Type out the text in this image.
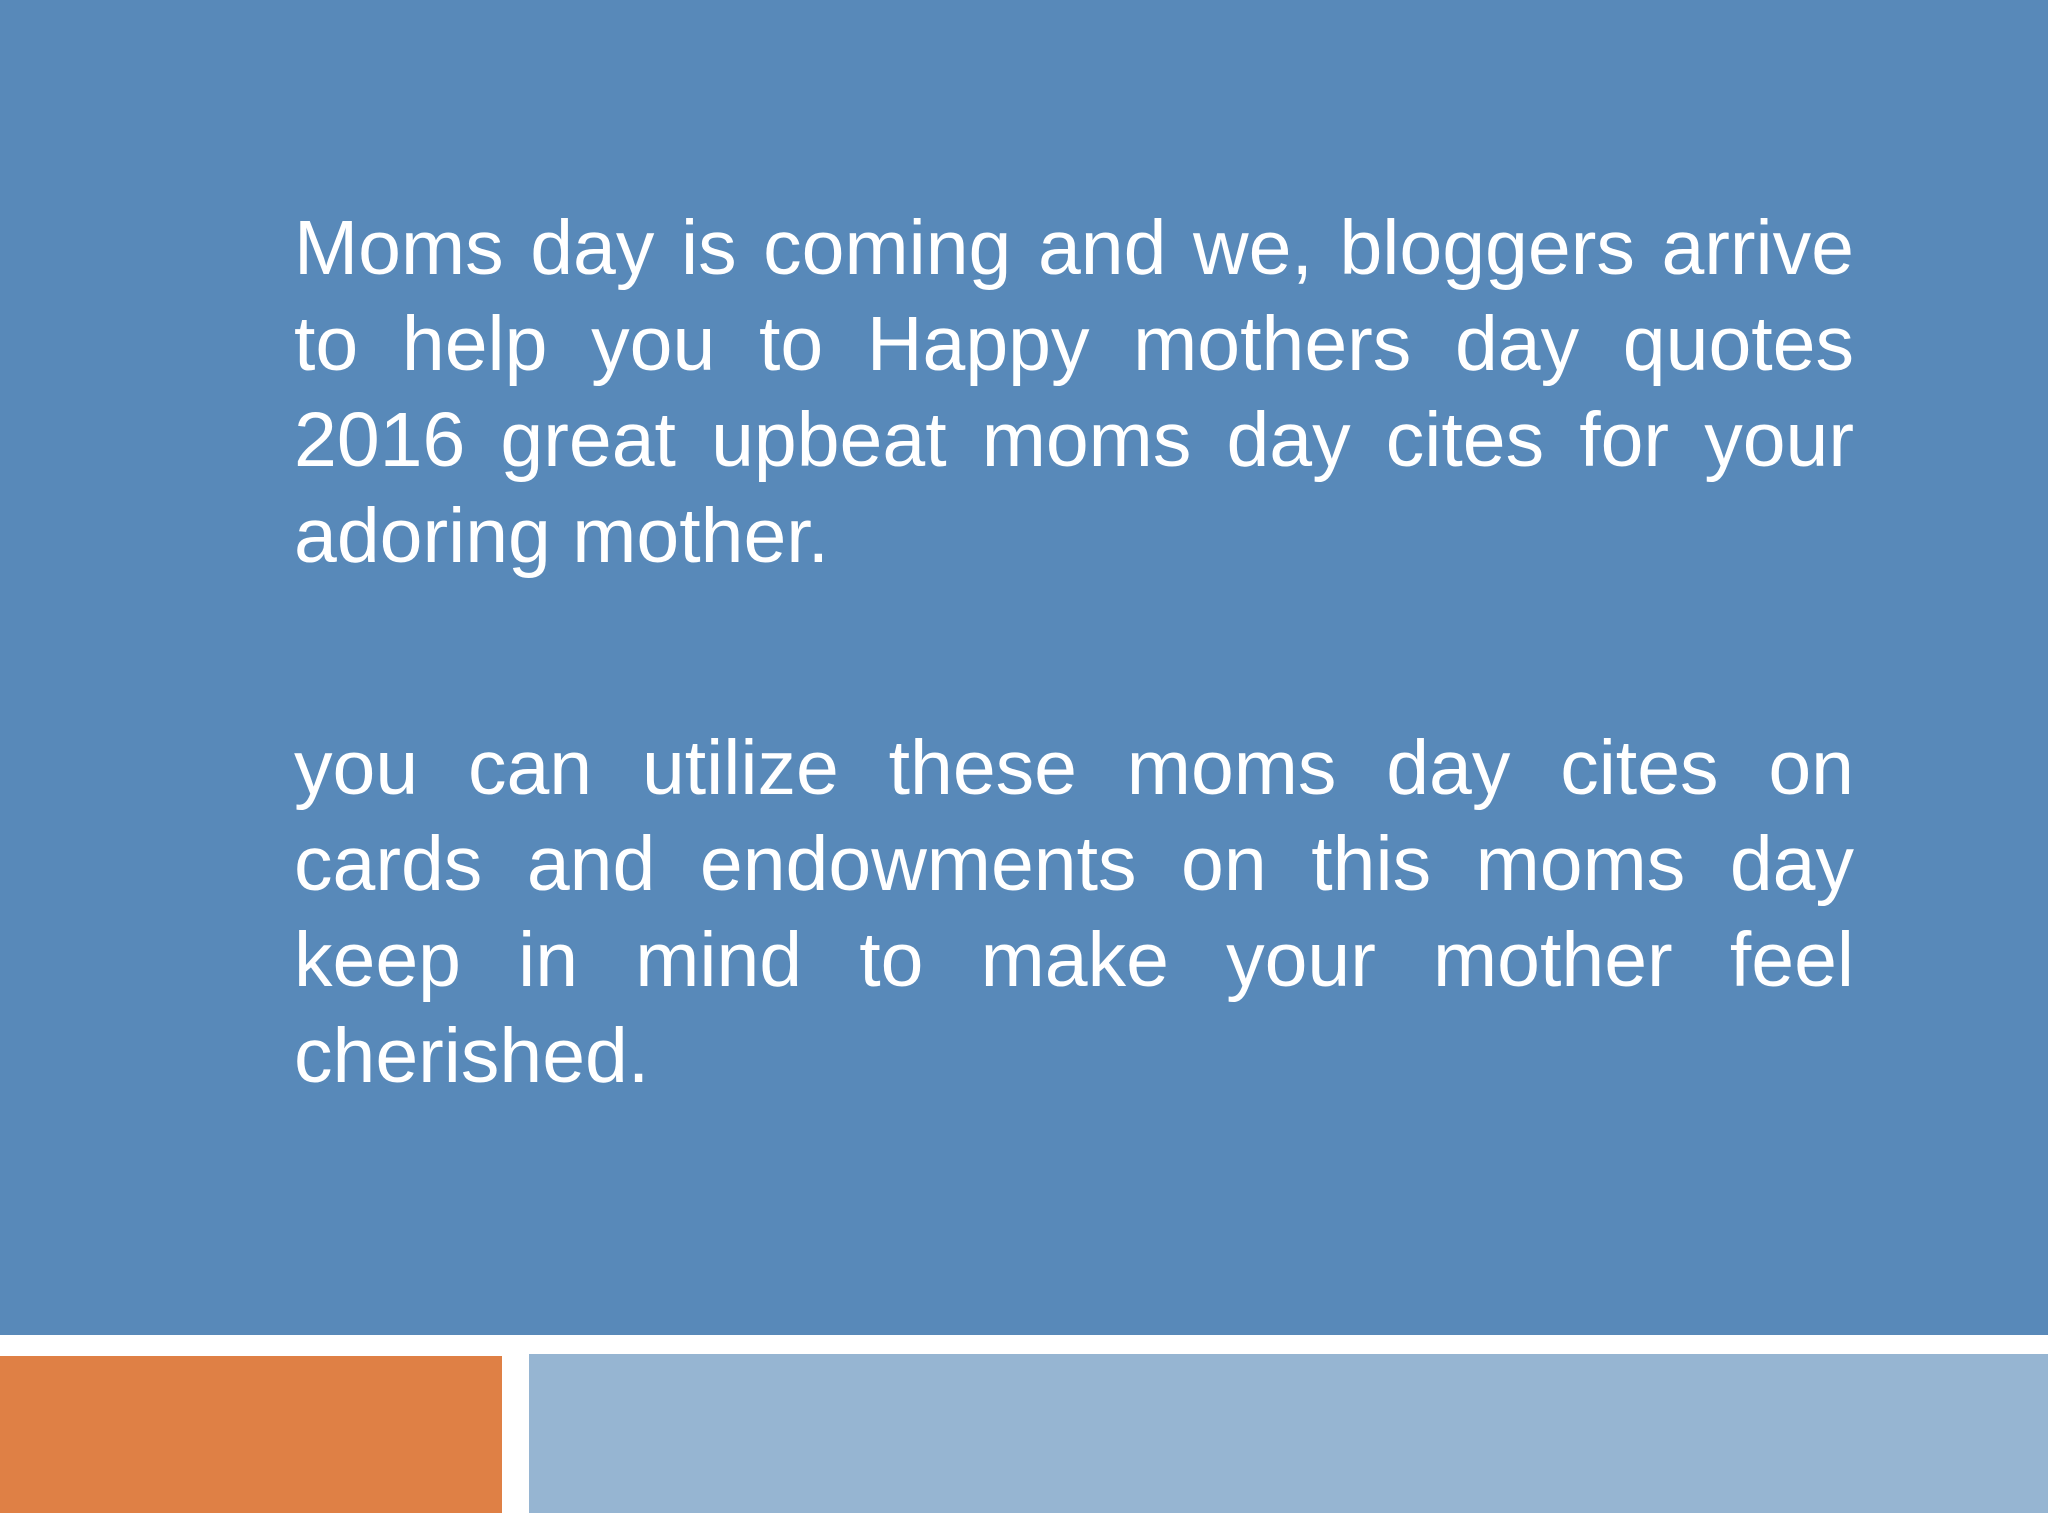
Moms day is coming and we, bloggers arrive to help you to Happy mothers day quotes 2016 great upbeat moms day cites for your adoring mother.

you can utilize these moms day cites on cards and endowments on this moms day keep in mind to make your mother feel cherished.
